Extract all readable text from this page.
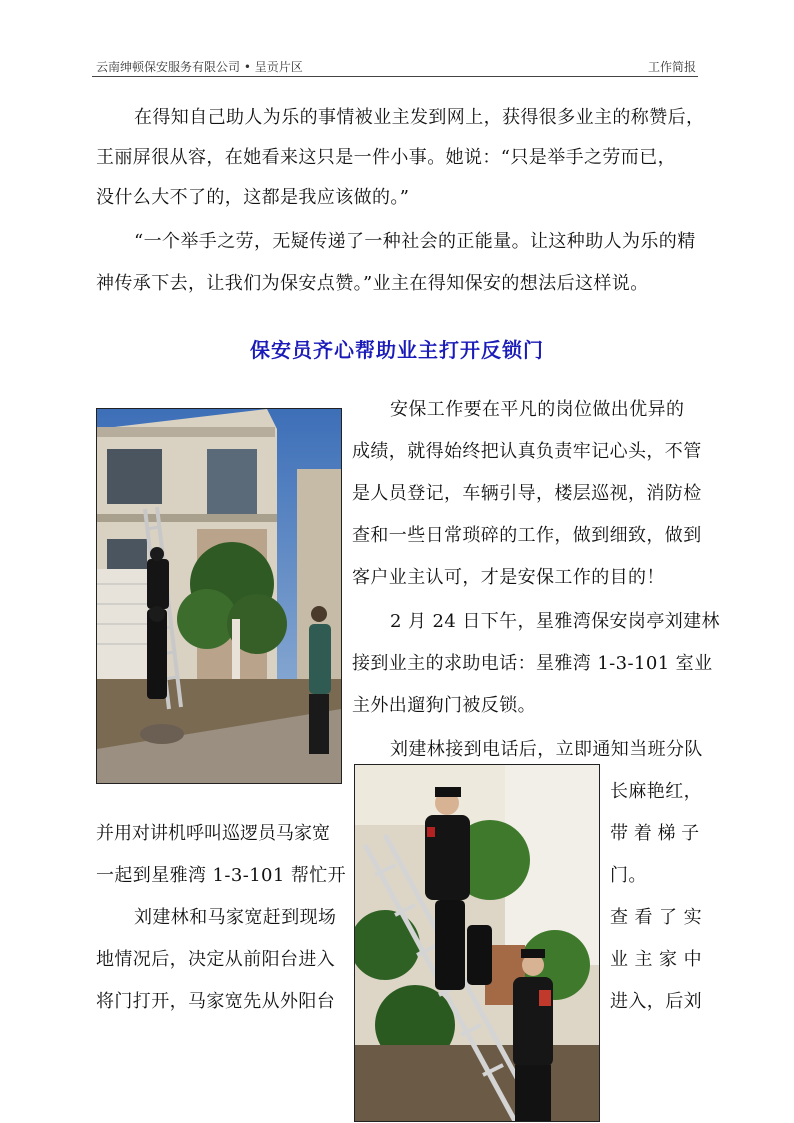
云南绅顿保安服务有限公司 • 呈贡片区	工作简报
在得知自己助人为乐的事情被业主发到网上，获得很多业主的称赞后，
王丽屏很从容，在她看来这只是一件小事。她说：“只是举手之劳而已，
没什么大不了的，这都是我应该做的。”
“一个举手之劳，无疑传递了一种社会的正能量。让这种助人为乐的精
神传承下去，让我们为保安点赞。”业主在得知保安的想法后这样说。
保安员齐心帮助业主打开反锁门
安保工作要在平凡的岗位做出优异的
成绩，就得始终把认真负责牢记心头，不管
是人员登记，车辆引导，楼层巡视，消防检
查和一些日常琐碎的工作，做到细致，做到
客户业主认可，才是安保工作的目的！
2 月 24 日下午，星雅湾保安岗亭刘建林
接到业主的求助电话：星雅湾 1-3-101 室业
主外出遛狗门被反锁。
刘建林接到电话后，立即通知当班分队
长麻艳红，
并用对讲机呼叫巡逻员马家宽	带 着 梯 子
一起到星雅湾 1-3-101 帮忙开	门。
刘建林和马家宽赶到现场	查 看 了 实
地情况后，决定从前阳台进入	业 主 家 中
将门打开，马家宽先从外阳台	进入，后刘
